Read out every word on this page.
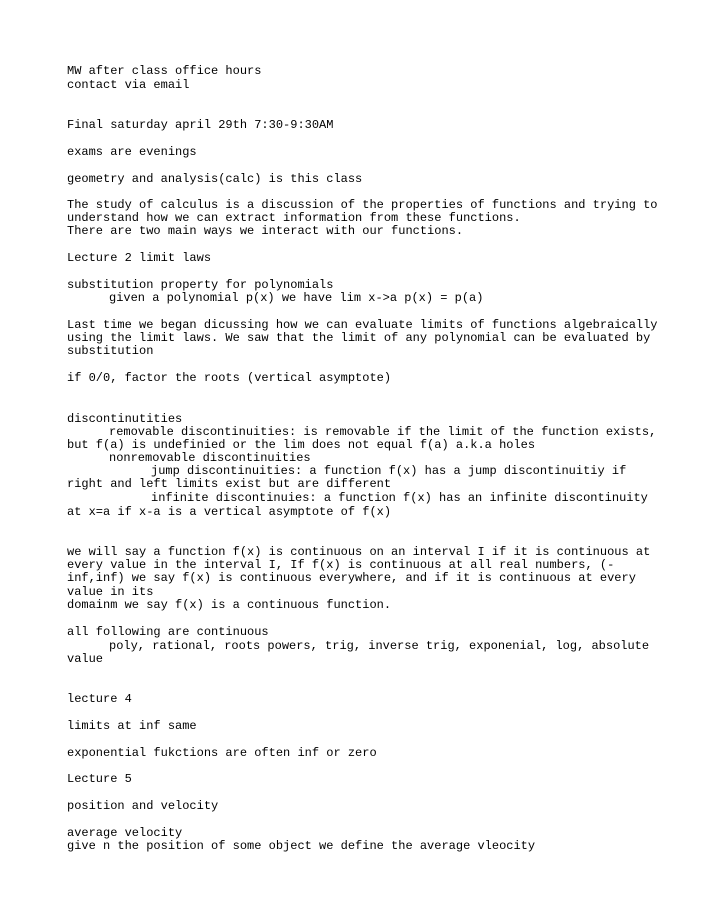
MW after class office hours

contact via email

Final saturday april 29th 7:30-9:30AM

exams are evenings

geometry and analysis(calc) is this class

The study of calculus is a discussion of the properties of functions and trying to

understand how we can extract information from these functions.

There are two main ways we interact with our functions.

Lecture 2 limit laws

substitution property for polynomials

given a polynomial p(x) we have lim x->a p(x) = p(a)

Last time we began dicussing how we can evaluate limits of functions algebraically

using the limit laws. We saw that the limit of any polynomial can be evaluated by

substitution

if 0/0, factor the roots (vertical asymptote)

discontinutities

removable discontinuities: is removable if the limit of the function exists,

but f(a) is undefinied or the lim does not equal f(a) a.k.a holes

nonremovable discontinuities

jump discontinuities: a function f(x) has a jump discontinuitiy if

right and left limits exist but are different

infinite discontinuies: a function f(x) has an infinite discontinuity

at x=a if x-a is a vertical asymptote of f(x)

we will say a function f(x) is continuous on an interval I if it is continuous at

every value in the interval I, If f(x) is continuous at all real numbers, (-

inf,inf) we say f(x) is continuous everywhere, and if it is continuous at every

value in its

domainm we say f(x) is a continuous function.

all following are continuous

poly, rational, roots powers, trig, inverse trig, exponenial, log, absolute

value

lecture 4

limits at inf same

exponential fukctions are often inf or zero

Lecture 5

position and velocity

average velocity

give n the position of some object we define the average vleocity
